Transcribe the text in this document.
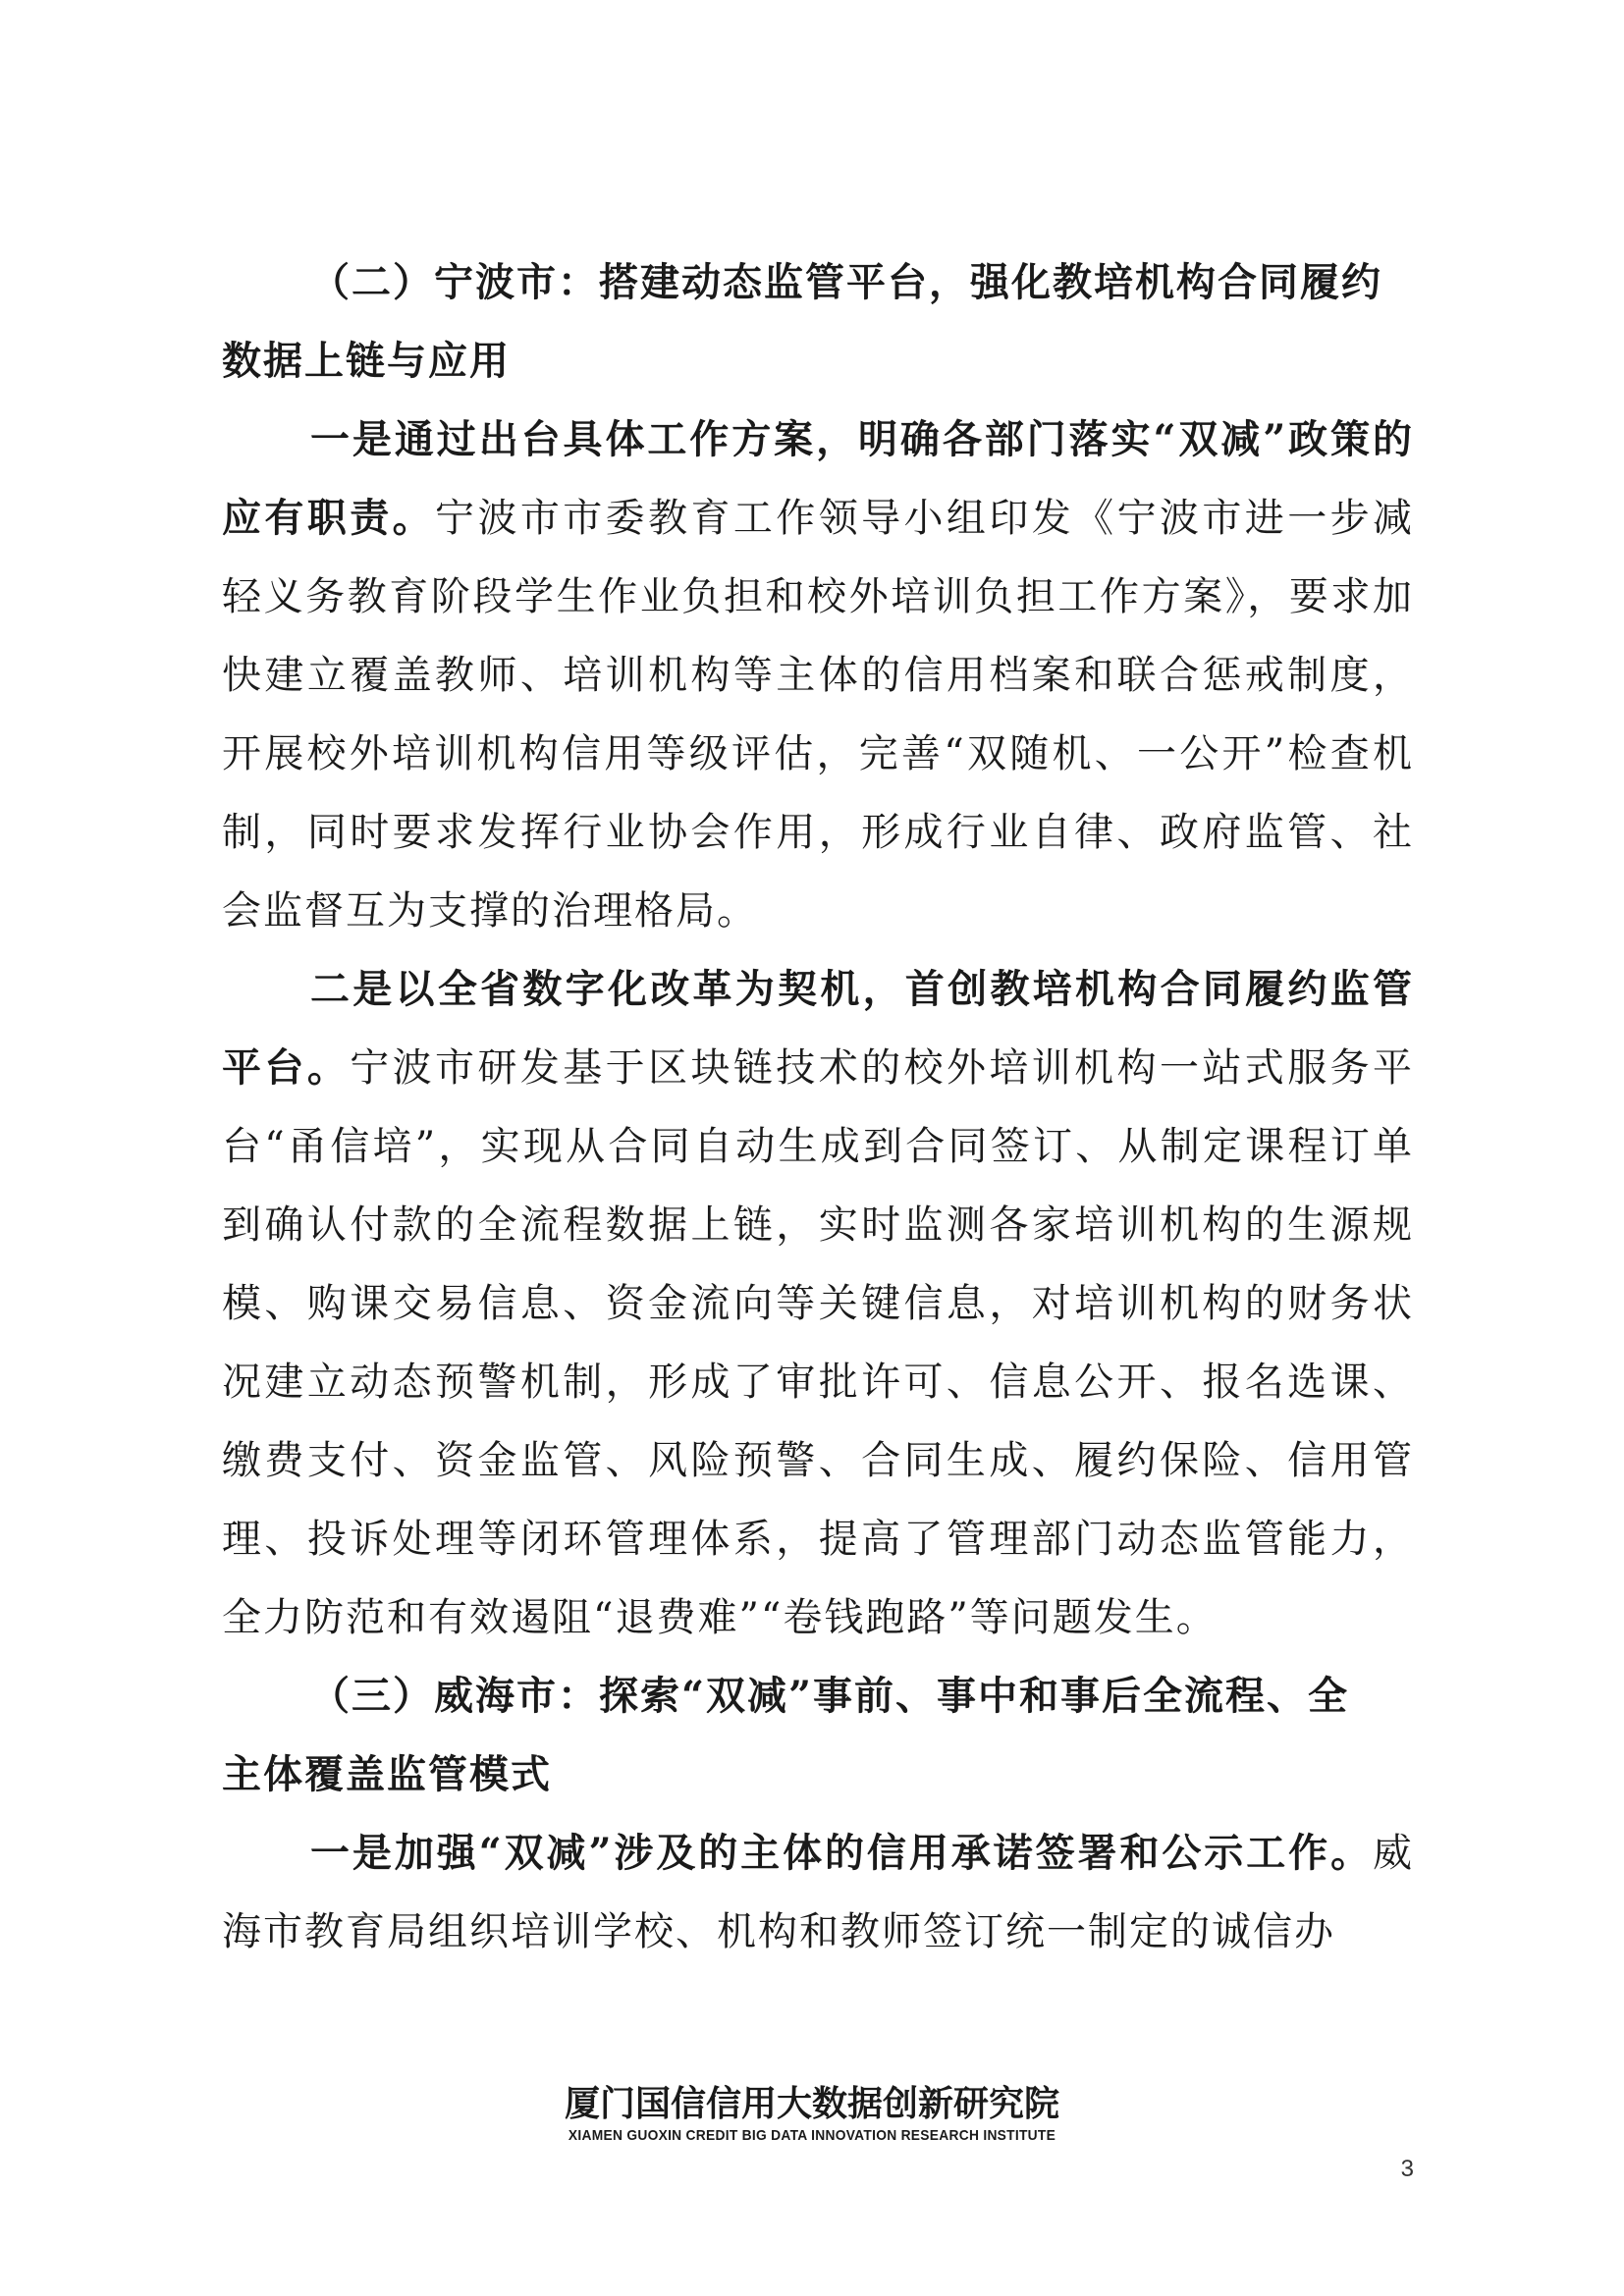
（二）宁波市：搭建动态监管平台，强化教培机构合同履约
数据上链与应用

一是通过出台具体工作方案，明确各部门落实“双减”政策的应有职责。宁波市市委教育工作领导小组印发《宁波市进一步减轻义务教育阶段学生作业负担和校外培训负担工作方案》，要求加快建立覆盖教师、培训机构等主体的信用档案和联合惩戒制度，开展校外培训机构信用等级评估，完善“双随机、一公开”检查机制，同时要求发挥行业协会作用，形成行业自律、政府监管、社会监督互为支撑的治理格局。

二是以全省数字化改革为契机，首创教培机构合同履约监管平台。宁波市研发基于区块链技术的校外培训机构一站式服务平台“甬信培”，实现从合同自动生成到合同签订、从制定课程订单到确认付款的全流程数据上链，实时监测各家培训机构的生源规模、购课交易信息、资金流向等关键信息，对培训机构的财务状况建立动态预警机制，形成了审批许可、信息公开、报名选课、缴费支付、资金监管、风险预警、合同生成、履约保险、信用管理、投诉处理等闭环管理体系，提高了管理部门动态监管能力，全力防范和有效遏阻“退费难”“卷钱跑路”等问题发生。

（三）威海市：探索“双减”事前、事中和事后全流程、全
主体覆盖监管模式

一是加强“双减”涉及的主体的信用承诺签署和公示工作。威海市教育局组织培训学校、机构和教师签订统一制定的诚信办

厦门国信信用大数据创新研究院
XIAMEN GUOXIN CREDIT BIG DATA INNOVATION RESEARCH INSTITUTE
3
